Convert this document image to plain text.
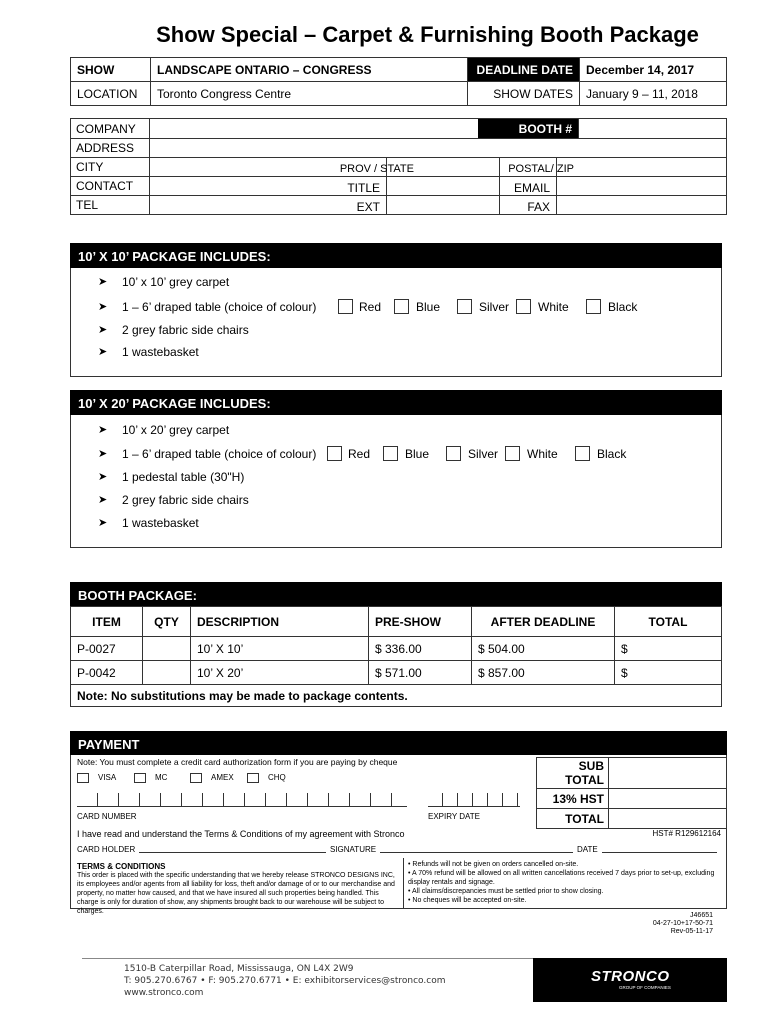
Show Special – Carpet & Furnishing Booth Package
SHOW	LANDSCAPE ONTARIO – CONGRESS	DEADLINE DATE	December 14, 2017
LOCATION	Toronto Congress Centre	SHOW DATES	January 9 – 11, 2018
COMPANY	BOOTH #
ADDRESS
CITY	PROV / STATE	POSTAL/ ZIP
CONTACT	TITLE	EMAIL
TEL	EXT	FAX
10’ X 10’ PACKAGE INCLUDES:
➤ 10’ x 10’ grey carpet
➤ 1 – 6’ draped table (choice of colour)
➤ 2 grey fabric side chairs
➤ 1 wastebasket
Red	Blue	Silver White	Black
10’ X 20’ PACKAGE INCLUDES:
➤ 10’ x 20’ grey carpet
➤ 1 – 6’ draped table (choice of colour)
➤ 1 pedestal table (30"H)
➤ 2 grey fabric side chairs
➤ 1 wastebasket
Red	Blue	Silver White	Black
BOOTH PACKAGE:
ITEM	QTY	DESCRIPTION	PRE-SHOW	AFTER DEADLINE	TOTAL
P-0027		10’ X 10’	$ 336.00	$ 504.00	$
P-0042		10’ X 20’	$ 571.00	$ 857.00	$
Note: No substitutions may be made to package contents.					
PAYMENT
Note: You must complete a credit card authorization form if you are paying by cheque
VISA	MC	AMEX	CHQ
CARD NUMBER	EXPIRY DATE
SUB TOTAL	
13% HST	
TOTAL	
I have read and understand the Terms & Conditions of my agreement with Stronco	HST# R129612164
CARD HOLDER	SIGNATURE	DATE
TERMS & CONDITIONS
This order is placed with the specific understanding that we hereby release STRONCO DESIGNS INC, its employees and/or agents from all liability for loss, theft and/or damage of or to our merchandise and property, no matter how caused, and that we have insured all such properties being handled. This charge is only for duration of show, any shipments brought back to our warehouse will be subject to charges.
• Refunds will not be given on orders cancelled on-site.
• A 70% refund will be allowed on all written cancellations received 7 days prior to set-up, excluding display rentals and signage.
• All claims/discrepancies must be settled prior to show closing.
• No cheques will be accepted on-site.
J46651
04-27-10+17-50-71
Rev-05-11-17
1510-B Caterpillar Road, Mississauga, ON L4X 2W9
T: 905.270.6767 • F: 905.270.6771 • E: exhibitorservices@stronco.com
www.stronco.com
STRONCO
GROUP OF COMPANIES
